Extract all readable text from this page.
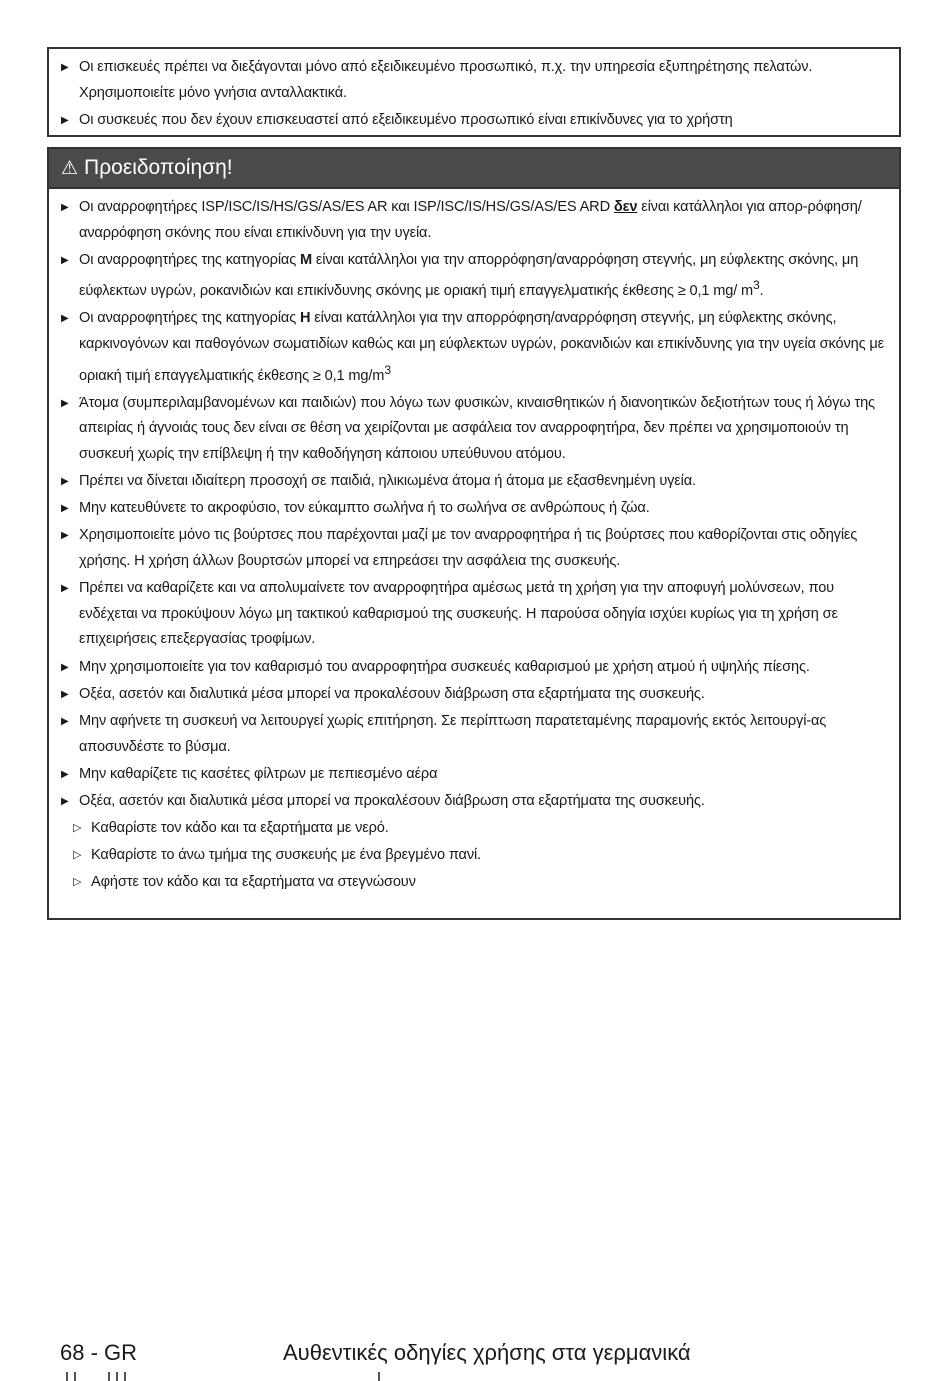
▶ Οι επισκευές πρέπει να διεξάγονται μόνο από εξειδικευμένο προσωπικό, π.χ. την υπηρεσία εξυπηρέτησης πελατών. Χρησιμοποιείτε μόνο γνήσια ανταλλακτικά.
▶ Οι συσκευές που δεν έχουν επισκευαστεί από εξειδικευμένο προσωπικό είναι επικίνδυνες για το χρήστη
⚠ Προειδοποίηση!
▶ Οι αναρροφητήρες ISP/ISC/IS/HS/GS/AS/ES AR και ISP/ISC/IS/HS/GS/AS/ES ARD δεν είναι κατάλληλοι για απορ-ρόφηση/αναρρόφηση σκόνης που είναι επικίνδυνη για την υγεία.
▶ Οι αναρροφητήρες της κατηγορίας M είναι κατάλληλοι για την απορρόφηση/αναρρόφηση στεγνής, μη εύφλεκτης σκόνης, μη εύφλεκτων υγρών, ροκανιδιών και επικίνδυνης σκόνης με οριακή τιμή επαγγελματικής έκθεσης ≥ 0,1 mg/ $m^3$.
▶ Οι αναρροφητήρες της κατηγορίας H είναι κατάλληλοι για την απορρόφηση/αναρρόφηση στεγνής, μη εύφλεκτης σκόνης, καρκινογόνων και παθογόνων σωματιδίων καθώς και μη εύφλεκτων υγρών, ροκανιδιών και επικίνδυνης για την υγεία σκόνης με οριακή τιμή επαγγελματικής έκθεσης ≥ 0,1 $mg/m^3$
▶ Άτομα (συμπεριλαμβανομένων και παιδιών) που λόγω των φυσικών, κιναισθητικών ή διανοητικών δεξιοτήτων τους ή λόγω της απειρίας ή άγνοιάς τους δεν είναι σε θέση να χειρίζονται με ασφάλεια τον αναρροφητήρα, δεν πρέπει να χρησιμοποιούν τη συσκευή χωρίς την επίβλεψη ή την καθοδήγηση κάποιου υπεύθυνου ατόμου.
▶ Πρέπει να δίνεται ιδιαίτερη προσοχή σε παιδιά, ηλικιωμένα άτομα ή άτομα με εξασθενημένη υγεία.
▶ Μην κατευθύνετε το ακροφύσιο, τον εύκαμπτο σωλήνα ή το σωλήνα σε ανθρώπους ή ζώα.
▶ Χρησιμοποιείτε μόνο τις βούρτσες που παρέχονται μαζί με τον αναρροφητήρα ή τις βούρτσες που καθορίζονται στις οδηγίες χρήσης. Η χρήση άλλων βουρτσών μπορεί να επηρεάσει την ασφάλεια της συσκευής.
▶ Πρέπει να καθαρίζετε και να απολυμαίνετε τον αναρροφητήρα αμέσως μετά τη χρήση για την αποφυγή μολύνσεων, που ενδέχεται να προκύψουν λόγω μη τακτικού καθαρισμού της συσκευής. Η παρούσα οδηγία ισχύει κυρίως για τη χρήση σε επιχειρήσεις επεξεργασίας τροφίμων.
▶ Μην χρησιμοποιείτε για τον καθαρισμό του αναρροφητήρα συσκευές καθαρισμού με χρήση ατμού ή υψηλής πίεσης.
▶ Οξέα, ασετόν και διαλυτικά μέσα μπορεί να προκαλέσουν διάβρωση στα εξαρτήματα της συσκευής.
▶ Μην αφήνετε τη συσκευή να λειτουργεί χωρίς επιτήρηση. Σε περίπτωση παρατεταμένης παραμονής εκτός λειτουργί-ας αποσυνδέστε το βύσμα.
▶ Μην καθαρίζετε τις κασέτες φίλτρων με πεπιεσμένο αέρα
▶ Οξέα, ασετόν και διαλυτικά μέσα μπορεί να προκαλέσουν διάβρωση στα εξαρτήματα της συσκευής.
▷ Καθαρίστε τον κάδο και τα εξαρτήματα με νερό.
▷ Καθαρίστε το άνω τμήμα της συσκευής με ένα βρεγμένο πανί.
▷ Αφήστε τον κάδο και τα εξαρτήματα να στεγνώσουν
68 - GR	Αυθεντικές οδηγίες χρήσης στα γερμανικά
